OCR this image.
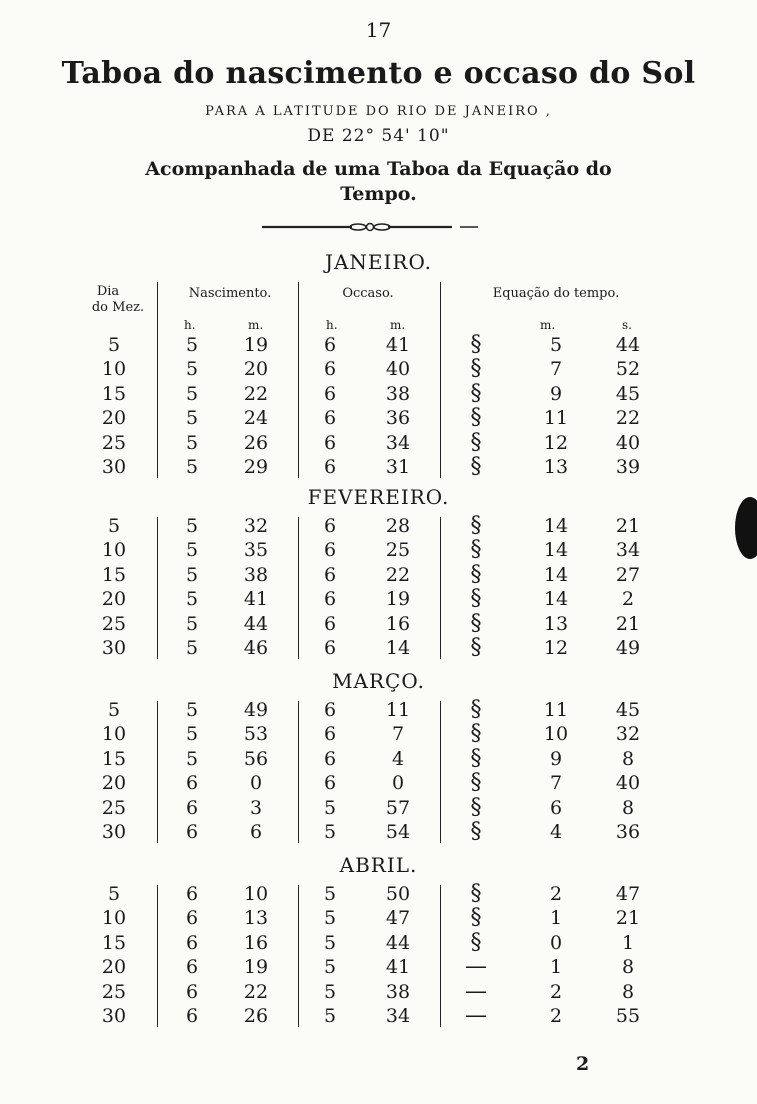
17
Taboa do nascimento e occaso do Sol
PARA A LATITUDE DO RIO DE JANEIRO ,
DE 22° 54' 10"
Acompanhada de uma Taboa da Equação do
Tempo.
Dia
do Mez.
Nascimento.	Occaso.	Equação do tempo.
h.	m.	h.	m.	m.	s.
JANEIRO.
5	5	19	6	41	§	5	44
10	5	20	6	40	§	7	52
15	5	22	6	38	§	9	45
20	5	24	6	36	§	11	22
25	5	26	6	34	§	12	40
30	5	29	6	31	§	13	39
FEVEREIRO.
5	5	32	6	28	§	14	21
10	5	35	6	25	§	14	34
15	5	38	6	22	§	14	27
20	5	41	6	19	§	14	2
25	5	44	6	16	§	13	21
30	5	46	6	14	§	12	49
MARÇO.
5	5	49	6	11	§	11	45
10	5	53	6	7	§	10	32
15	5	56	6	4	§	9	8
20	6	0	6	0	§	7	40
25	6	3	5	57	§	6	8
30	6	6	5	54	§	4	36
ABRIL.
5	6	10	5	50	§	2	47
10	6	13	5	47	§	1	21
15	6	16	5	44	§	0	1
20	6	19	5	41	—	1	8
25	6	22	5	38	—	2	8
30	6	26	5	34	—	2	55
2
